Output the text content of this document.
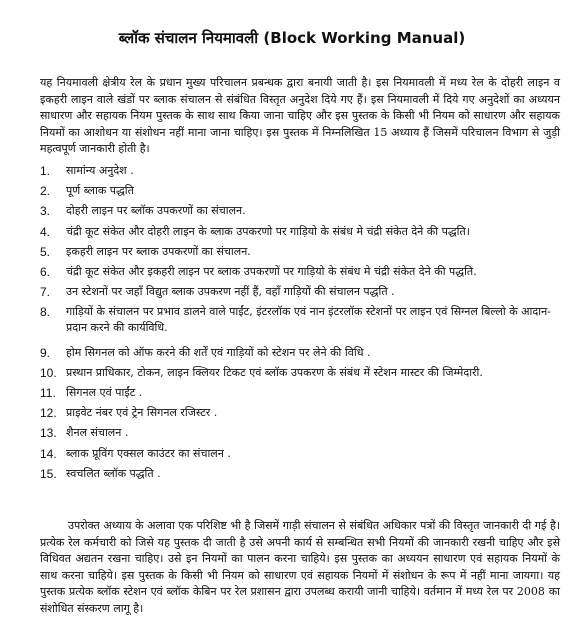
ब्लॉक संचालन नियमावली (Block Working Manual)
यह नियमावली क्षेत्रीय रेल के प्रधान मुख्य परिचालन प्रबन्धक द्वारा बनायी जाती है। इस नियमावली में मध्य रेल के दोहरी लाइन व इकहरी लाइन वाले खंडों पर ब्लाक संचालन से संबंधित विस्तृत अनुदेश दिये गए हैं। इस नियमावली में दिये गए अनुदेशों का अध्ययन साधारण और सहायक नियम पुस्तक के साथ साथ किया जाना चाहिए और इस पुस्तक के किसी भी नियम को साधारण और सहायक नियमों का आशोधन या संशोधन नहीं माना जाना चाहिए। इस पुस्तक में निम्नलिखित 15 अध्याय हैं जिसमें परिचालन विभाग से जुड़ी महत्वपूर्ण जानकारी होती है।
1.	सामांन्य अनुदेश .
2.	पूर्ण ब्लाक पद्धति
3.	दोहरी लाइन पर ब्लॉक उपकरणों का संचालन.
4.	चंद्री कूट संकेत और दोहरी लाइन के ब्लाक उपकरणो पर गाड़ियो के संबंध मे चंद्री संकेत देने की पद्धति।
5.	इकहरी लाइन पर ब्लाक उपकरणों का संचालन.
6.	चंद्री कूट संकेत और इकहरी लाइन पर ब्लाक उपकरणों पर गाड़ियो के संबंध मे चंद्री संकेत देने की पद्धति.
7.	उन स्टेशनों पर जहाँ विद्युत ब्लाक उपकरण नहीं हैं, वहाँ गाड़ियों की संचालन पद्धति .
8.	गाड़ियों के संचालन पर प्रभाव डालने वाले पाईंट, इंटरलॉक एवं नान इंटरलॉक स्टेशनों पर लाइन एवं सिग्नल बिल्लो के आदान-प्रदान करने की कार्यविधि.
9.	होम सिगनल को ऑफ करने की शर्तें एवं गाड़ियों को स्टेशन पर लेने की विधि .
10. प्रस्थान प्राधिकार, टोकन, लाइन क्लियर टिकट एवं ब्लॉक उपकरण के संबंध में स्टेशन मास्टर की जिम्मेदारी.
11. सिगनल एवं पाईंट .
12. प्राइवेट नंबर एवं ट्रेन सिगनल रजिस्टर .
13. शैनल संचालन .
14. ब्लाक प्रूविंग एक्सल काउंटर का संचालन .
15. स्वचलित ब्लॉक पद्धति .
उपरोक्त अध्याय के अलावा एक परिशिष्ट भी है जिसमें गाड़ी संचालन से संबंधित अधिकार पत्रों की विस्तृत जानकारी दी गई है। प्रत्येक रेल कर्मचारी को जिसे यह पुस्तक दी जाती है उसे अपनी कार्य से सम्बन्धित सभी नियमों की जानकारी रखनी चाहिए और इसे विधिवत अद्यतन रखना चाहिए। उसे इन नियमों का पालन करना चाहिये। इस पुस्तक का अध्ययन साधारण एवं सहायक नियमों के साथ करना चाहिये। इस पुस्तक के किसी भी नियम को साधारण एवं सहायक नियमों में संशोधन के रूप में नहीं माना जायगा। यह पुस्तक प्रत्येक ब्लॉक स्टेशन एवं ब्लॉक केबिन पर रेल प्रशासन द्वारा उपलब्ध करायी जानी चाहिये। वर्तमान में मध्य रेल पर 2008 का संशोधित संस्करण लागू है।
